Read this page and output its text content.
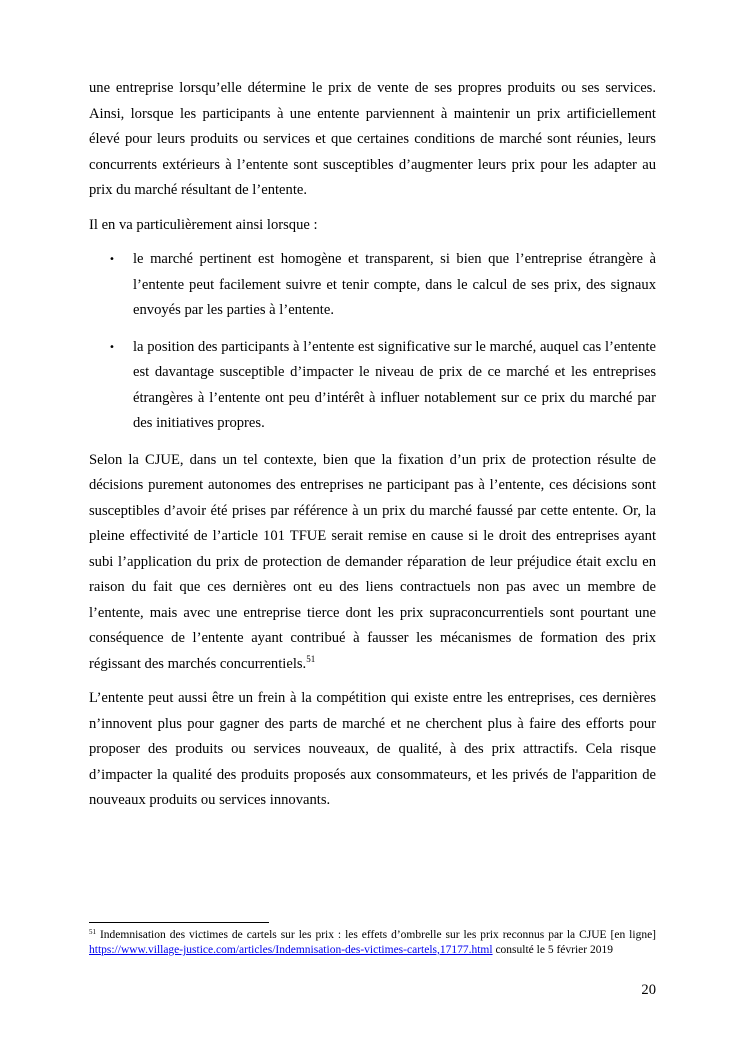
une entreprise lorsqu’elle détermine le prix de vente de ses propres produits ou ses services. Ainsi, lorsque les participants à une entente parviennent à maintenir un prix artificiellement élevé pour leurs produits ou services et que certaines conditions de marché sont réunies, leurs concurrents extérieurs à l’entente sont susceptibles d’augmenter leurs prix pour les adapter au prix du marché résultant de l’entente.

Il en va particulièrement ainsi lorsque :

• le marché pertinent est homogène et transparent, si bien que l’entreprise étrangère à l’entente peut facilement suivre et tenir compte, dans le calcul de ses prix, des signaux envoyés par les parties à l’entente.
• la position des participants à l’entente est significative sur le marché, auquel cas l’entente est davantage susceptible d’impacter le niveau de prix de ce marché et les entreprises étrangères à l’entente ont peu d’intérêt à influer notablement sur ce prix du marché par des initiatives propres.

Selon la CJUE, dans un tel contexte, bien que la fixation d’un prix de protection résulte de décisions purement autonomes des entreprises ne participant pas à l’entente, ces décisions sont susceptibles d’avoir été prises par référence à un prix du marché faussé par cette entente. Or, la pleine effectivité de l’article 101 TFUE serait remise en cause si le droit des entreprises ayant subi l’application du prix de protection de demander réparation de leur préjudice était exclu en raison du fait que ces dernières ont eu des liens contractuels non pas avec un membre de l’entente, mais avec une entreprise tierce dont les prix supraconcurrentiels sont pourtant une conséquence de l’entente ayant contribué à fausser les mécanismes de formation des prix régissant des marchés concurrentiels.$^{51}$

L’entente peut aussi être un frein à la compétition qui existe entre les entreprises, ces dernières n’innovent plus pour gagner des parts de marché et ne cherchent plus à faire des efforts pour proposer des produits ou services nouveaux, de qualité, à des prix attractifs. Cela risque d’impacter la qualité des produits proposés aux consommateurs, et les privés de l'apparition de nouveaux produits ou services innovants.

$^{51}$ Indemnisation des victimes de cartels sur les prix : les effets d’ombrelle sur les prix reconnus par la CJUE [en ligne] https://www.village-justice.com/articles/Indemnisation-des-victimes-cartels,17177.html consulté le 5 février 2019
20
